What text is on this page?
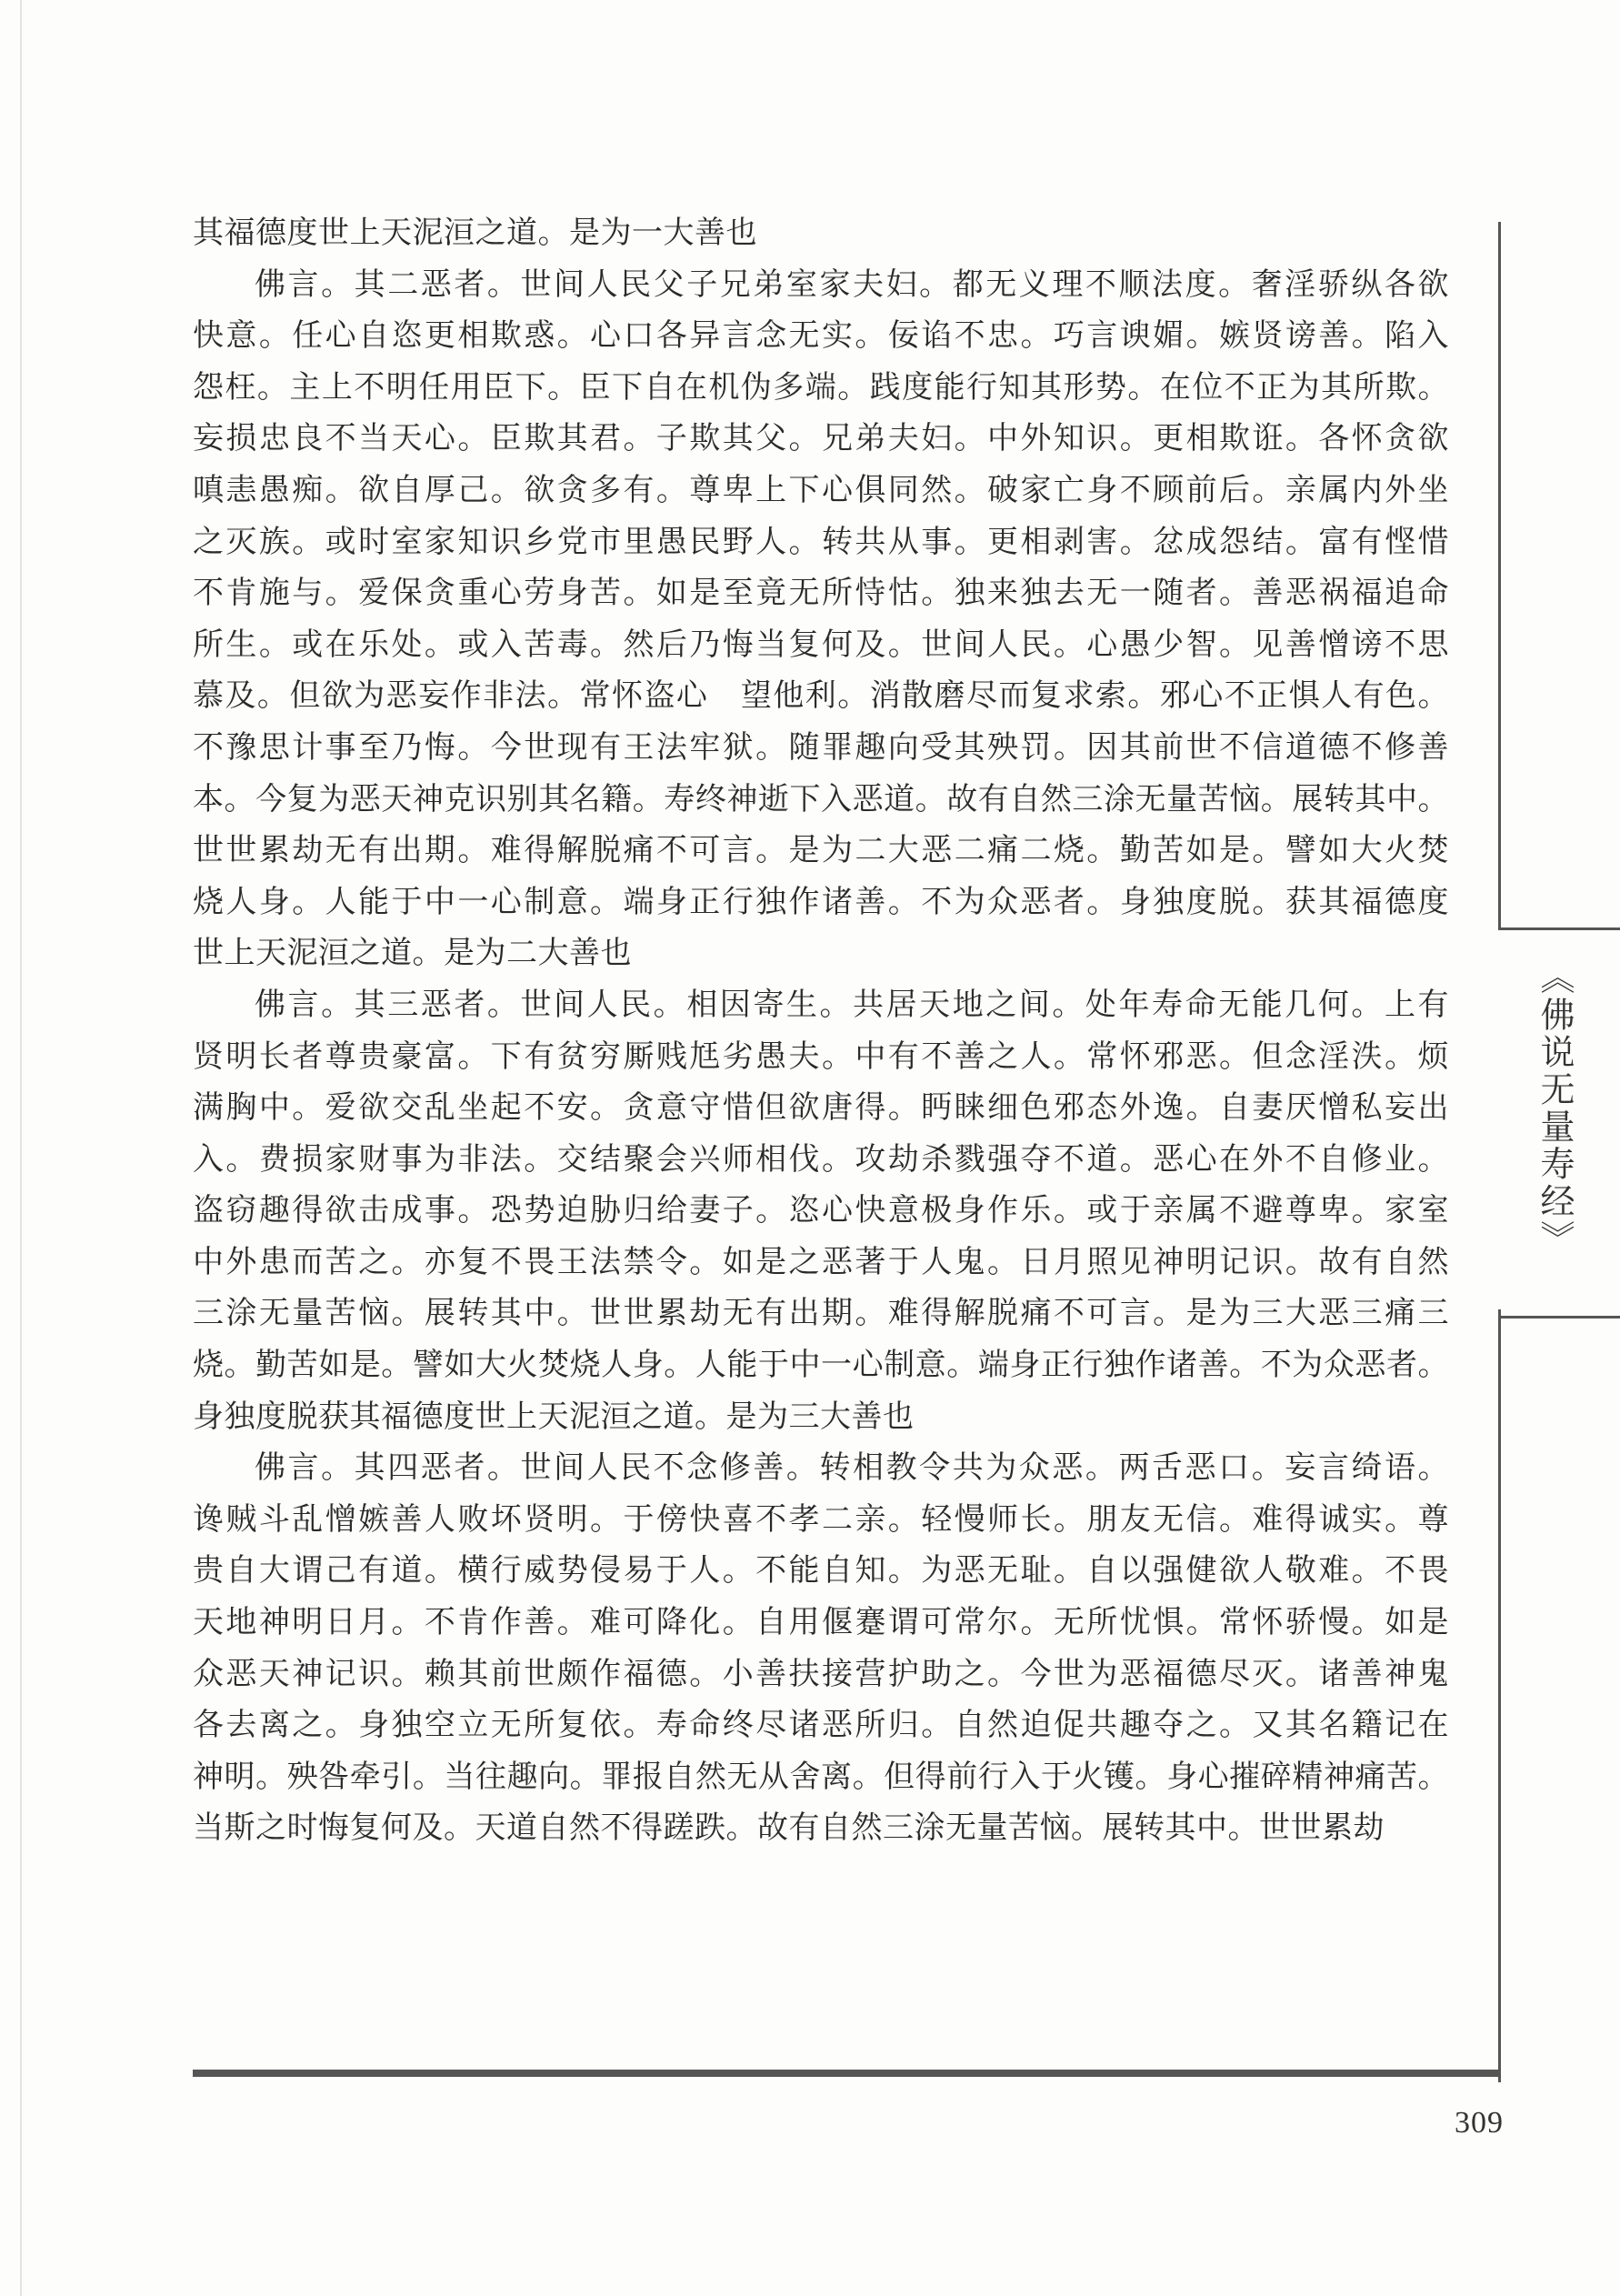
其福德度世上天泥洹之道。是为一大善也
佛言。其二恶者。世间人民父子兄弟室家夫妇。都无义理不顺法度。奢淫骄纵各欲
快意。任心自恣更相欺惑。心口各异言念无实。佞谄不忠。巧言谀媚。嫉贤谤善。陷入
怨枉。主上不明任用臣下。臣下自在机伪多端。践度能行知其形势。在位不正为其所欺。
妄损忠良不当天心。臣欺其君。子欺其父。兄弟夫妇。中外知识。更相欺诳。各怀贪欲
嗔恚愚痴。欲自厚己。欲贪多有。尊卑上下心俱同然。破家亡身不顾前后。亲属内外坐
之灭族。或时室家知识乡党市里愚民野人。转共从事。更相剥害。忿成怨结。富有悭惜
不肯施与。爱保贪重心劳身苦。如是至竟无所恃怙。独来独去无一随者。善恶祸福追命
所生。或在乐处。或入苦毒。然后乃悔当复何及。世间人民。心愚少智。见善憎谤不思
慕及。但欲为恶妄作非法。常怀盗心　望他利。消散磨尽而复求索。邪心不正惧人有色。
不豫思计事至乃悔。今世现有王法牢狱。随罪趣向受其殃罚。因其前世不信道德不修善
本。今复为恶天神克识别其名籍。寿终神逝下入恶道。故有自然三涂无量苦恼。展转其中。
世世累劫无有出期。难得解脱痛不可言。是为二大恶二痛二烧。勤苦如是。譬如大火焚
烧人身。人能于中一心制意。端身正行独作诸善。不为众恶者。身独度脱。获其福德度
世上天泥洹之道。是为二大善也
佛言。其三恶者。世间人民。相因寄生。共居天地之间。处年寿命无能几何。上有
贤明长者尊贵豪富。下有贫穷厮贱尪劣愚夫。中有不善之人。常怀邪恶。但念淫泆。烦
满胸中。爱欲交乱坐起不安。贪意守惜但欲唐得。眄睐细色邪态外逸。自妻厌憎私妄出
入。费损家财事为非法。交结聚会兴师相伐。攻劫杀戮强夺不道。恶心在外不自修业。
盗窃趣得欲击成事。恐势迫胁归给妻子。恣心快意极身作乐。或于亲属不避尊卑。家室
中外患而苦之。亦复不畏王法禁令。如是之恶著于人鬼。日月照见神明记识。故有自然
三涂无量苦恼。展转其中。世世累劫无有出期。难得解脱痛不可言。是为三大恶三痛三
烧。勤苦如是。譬如大火焚烧人身。人能于中一心制意。端身正行独作诸善。不为众恶者。
身独度脱获其福德度世上天泥洹之道。是为三大善也
佛言。其四恶者。世间人民不念修善。转相教令共为众恶。两舌恶口。妄言绮语。
谗贼斗乱憎嫉善人败坏贤明。于傍快喜不孝二亲。轻慢师长。朋友无信。难得诚实。尊
贵自大谓己有道。横行威势侵易于人。不能自知。为恶无耻。自以强健欲人敬难。不畏
天地神明日月。不肯作善。难可降化。自用偃蹇谓可常尔。无所忧惧。常怀骄慢。如是
众恶天神记识。赖其前世颇作福德。小善扶接营护助之。今世为恶福德尽灭。诸善神鬼
各去离之。身独空立无所复依。寿命终尽诸恶所归。自然迫促共趣夺之。又其名籍记在
神明。殃咎牵引。当往趣向。罪报自然无从舍离。但得前行入于火镬。身心摧碎精神痛苦。
当斯之时悔复何及。天道自然不得蹉跌。故有自然三涂无量苦恼。展转其中。世世累劫
《佛说无量寿经》
309
